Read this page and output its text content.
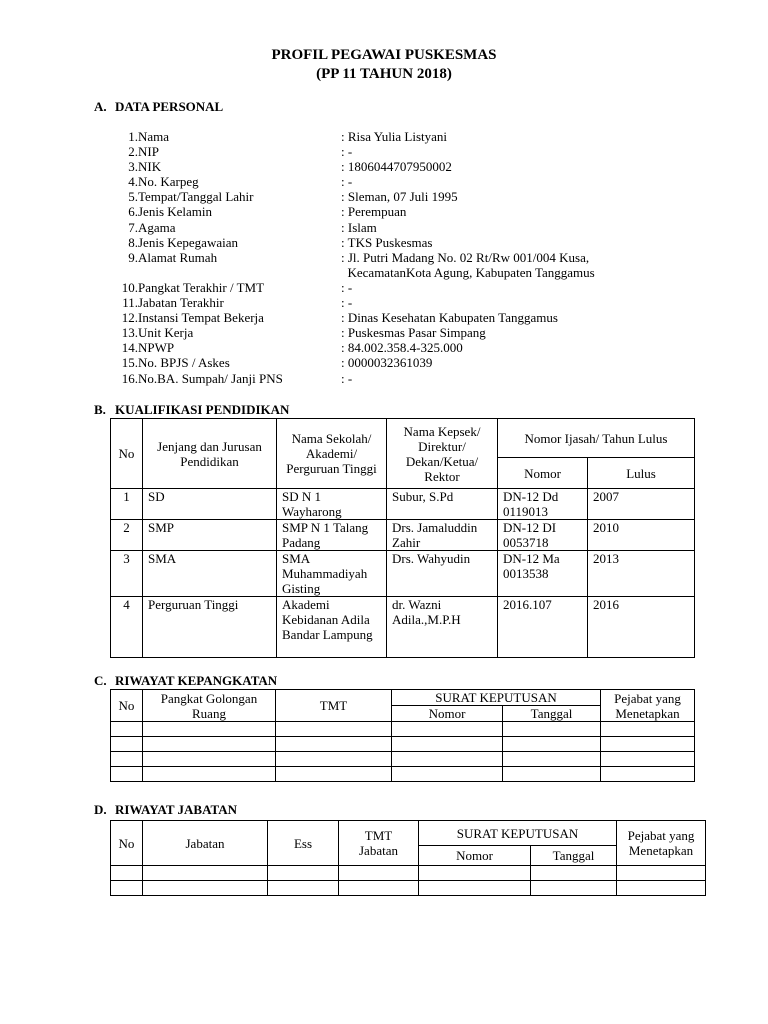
PROFIL PEGAWAI PUSKESMAS
(PP 11 TAHUN 2018)
A. DATA PERSONAL
1. Nama	: Risa Yulia Listyani
2. NIP	: -
3. NIK	: 1806044707950002
4. No. Karpeg	: -
5. Tempat/Tanggal Lahir	: Sleman, 07 Juli 1995
6. Jenis Kelamin	: Perempuan
7. Agama	: Islam
8. Jenis Kepegawaian	: TKS Puskesmas
9. Alamat Rumah	: Jl. Putri Madang No. 02 Rt/Rw 001/004 Kusa,
KecamatanKota Agung, Kabupaten Tanggamus
10. Pangkat Terakhir / TMT	: -
11. Jabatan Terakhir	: -
12. Instansi Tempat Bekerja	: Dinas Kesehatan Kabupaten Tanggamus
13. Unit Kerja	: Puskesmas Pasar Simpang
14. NPWP	: 84.002.358.4-325.000
15. No. BPJS / Askes	: 0000032361039
16. No.BA. Sumpah/ Janji PNS	: -
B. KUALIFIKASI PENDIDIKAN
No	Jenjang dan Jurusan Pendidikan	Nama Sekolah/ Akademi/ Perguruan Tinggi	Nama Kepsek/ Direktur/ Dekan/Ketua/ Rektor	Nomor Ijasah/ Tahun Lulus	
				Nomor	Lulus
1	SD	SD N 1 Wayharong	Subur, S.Pd	DN-12 Dd 0119013	2007
2	SMP	SMP N 1 Talang Padang	Drs. Jamaluddin Zahir	DN-12 DI 0053718	2010
3	SMA	SMA Muhammadiyah Gisting	Drs. Wahyudin	DN-12 Ma 0013538	2013
4	Perguruan Tinggi	Akademi Kebidanan Adila Bandar Lampung	dr. Wazni Adila.,M.P.H	2016.107	2016
C. RIWAYAT KEPANGKATAN
No	Pangkat Golongan Ruang	TMT	SURAT KEPUTUSAN		Pejabat yang Menetapkan
			Nomor	Tanggal	

D. RIWAYAT JABATAN
No	Jabatan	Ess	TMT Jabatan	SURAT KEPUTUSAN		Pejabat yang Menetapkan
				Nomor	Tanggal	
